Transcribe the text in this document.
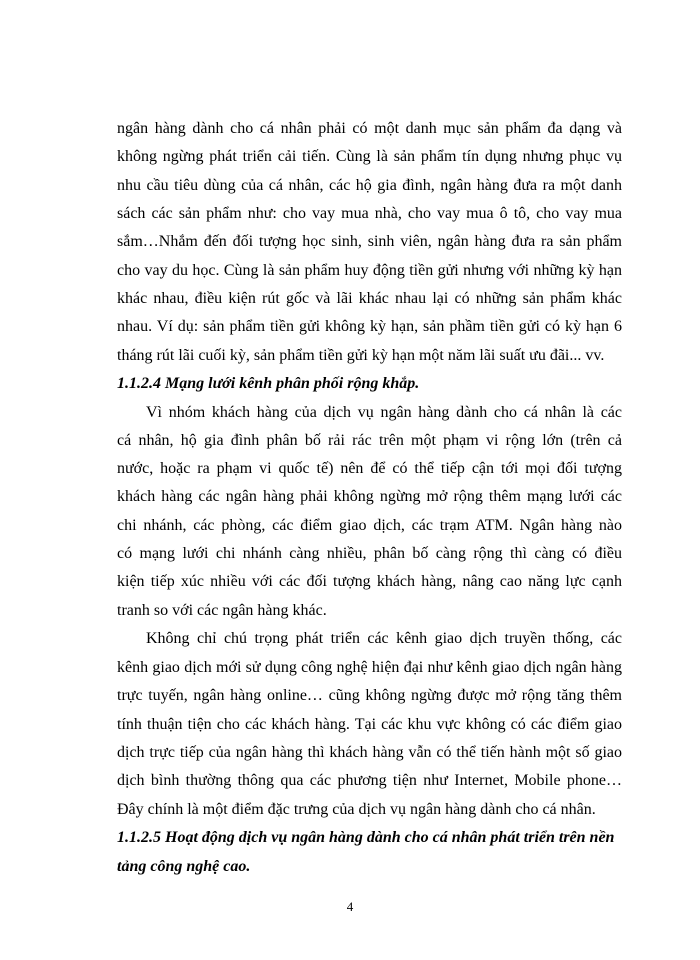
ngân hàng dành cho cá nhân phải có một danh mục sản phẩm đa dạng và
không ngừng phát triển cải tiến. Cùng là sản phẩm tín dụng nhưng phục vụ
nhu cầu tiêu dùng của cá nhân, các hộ gia đình, ngân hàng đưa ra một danh
sách các sản phẩm như: cho vay mua nhà, cho vay mua ô tô, cho vay mua
sắm…Nhắm đến đối tượng học sinh, sinh viên, ngân hàng đưa ra sản phẩm
cho vay du học. Cùng là sản phẩm huy động tiền gửi nhưng với những kỳ hạn
khác nhau, điều kiện rút gốc và lãi khác nhau lại có những sản phẩm khác
nhau. Ví dụ: sản phẩm tiền gửi không kỳ hạn, sản phầm tiền gửi có kỳ hạn 6
tháng rút lãi cuối kỳ, sản phẩm tiền gửi kỳ hạn một năm lãi suất ưu đãi... vv.
1.1.2.4 Mạng lưới kênh phân phối rộng khắp.
Vì nhóm khách hàng của dịch vụ ngân hàng dành cho cá nhân là các
cá nhân, hộ gia đình phân bố rải rác trên một phạm vi rộng lớn (trên cả
nước, hoặc ra phạm vi quốc tế) nên để có thể tiếp cận tới mọi đối tượng
khách hàng các ngân hàng phải không ngừng mở rộng thêm mạng lưới các
chi nhánh, các phòng, các điểm giao dịch, các trạm ATM. Ngân hàng nào
có mạng lưới chi nhánh càng nhiều, phân bố càng rộng thì càng có điều
kiện tiếp xúc nhiều với các đối tượng khách hàng, nâng cao năng lực cạnh
tranh so với các ngân hàng khác.
Không chỉ chú trọng phát triển các kênh giao dịch truyền thống, các
kênh giao dịch mới sử dụng công nghệ hiện đại như kênh giao dịch ngân hàng
trực tuyến, ngân hàng online… cũng không ngừng được mở rộng tăng thêm
tính thuận tiện cho các khách hàng. Tại các khu vực không có các điểm giao
dịch trực tiếp của ngân hàng thì khách hàng vẫn có thể tiến hành một số giao
dịch bình thường thông qua các phương tiện như Internet, Mobile phone…
Đây chính là một điểm đặc trưng của dịch vụ ngân hàng dành cho cá nhân.
1.1.2.5 Hoạt động dịch vụ ngân hàng dành cho cá nhân phát triển trên nền
tảng công nghệ cao.
4
